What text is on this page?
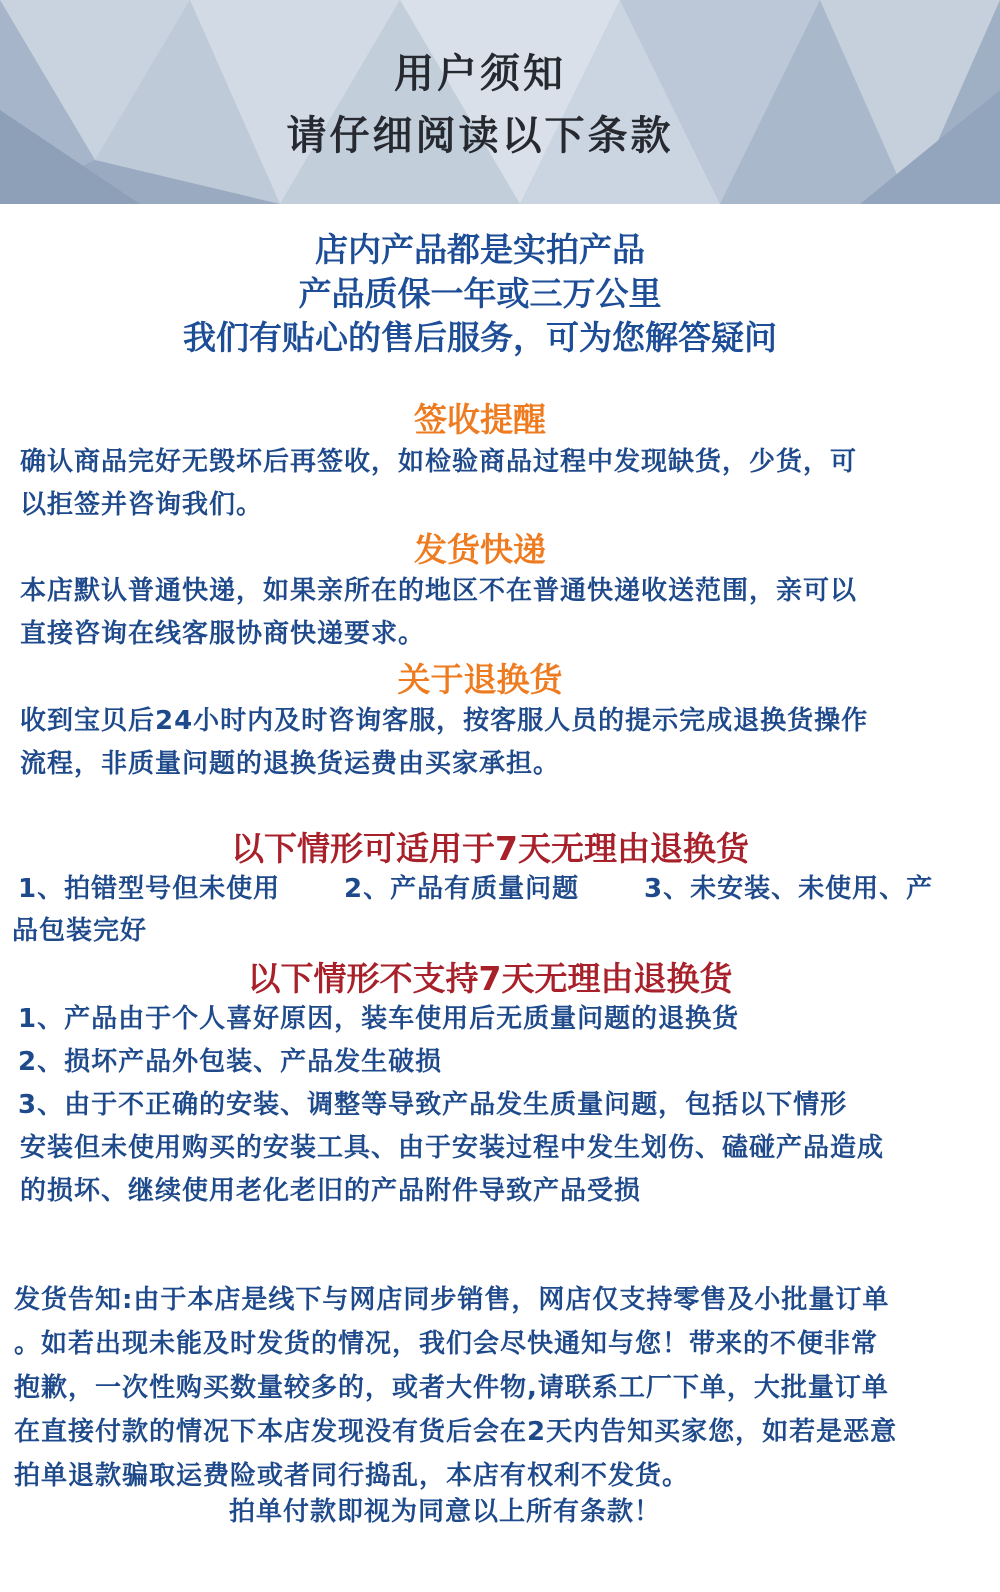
用户须知
请仔细阅读以下条款
店内产品都是实拍产品
产品质保一年或三万公里
我们有贴心的售后服务，可为您解答疑问
签收提醒
确认商品完好无毁坏后再签收，如检验商品过程中发现缺货，少货，可
以拒签并咨询我们。
发货快递
本店默认普通快递，如果亲所在的地区不在普通快递收送范围，亲可以
直接咨询在线客服协商快递要求。
关于退换货
收到宝贝后24小时内及时咨询客服，按客服人员的提示完成退换货操作
流程，非质量问题的退换货运费由买家承担。
以下情形可适用于7天无理由退换货
1、拍错型号但未使用 2、产品有质量问题 3、未安装、未使用、产
品包装完好
以下情形不支持7天无理由退换货
1、产品由于个人喜好原因，装车使用后无质量问题的退换货
2、损坏产品外包装、产品发生破损
3、由于不正确的安装、调整等导致产品发生质量问题，包括以下情形
安装但未使用购买的安装工具、由于安装过程中发生划伤、磕碰产品造成
的损坏、继续使用老化老旧的产品附件导致产品受损
发货告知:由于本店是线下与网店同步销售，网店仅支持零售及小批量订单
。如若出现未能及时发货的情况，我们会尽快通知与您！带来的不便非常
抱歉，一次性购买数量较多的，或者大件物,请联系工厂下单，大批量订单
在直接付款的情况下本店发现没有货后会在2天内告知买家您，如若是恶意
拍单退款骗取运费险或者同行捣乱，本店有权利不发货。
拍单付款即视为同意以上所有条款！
